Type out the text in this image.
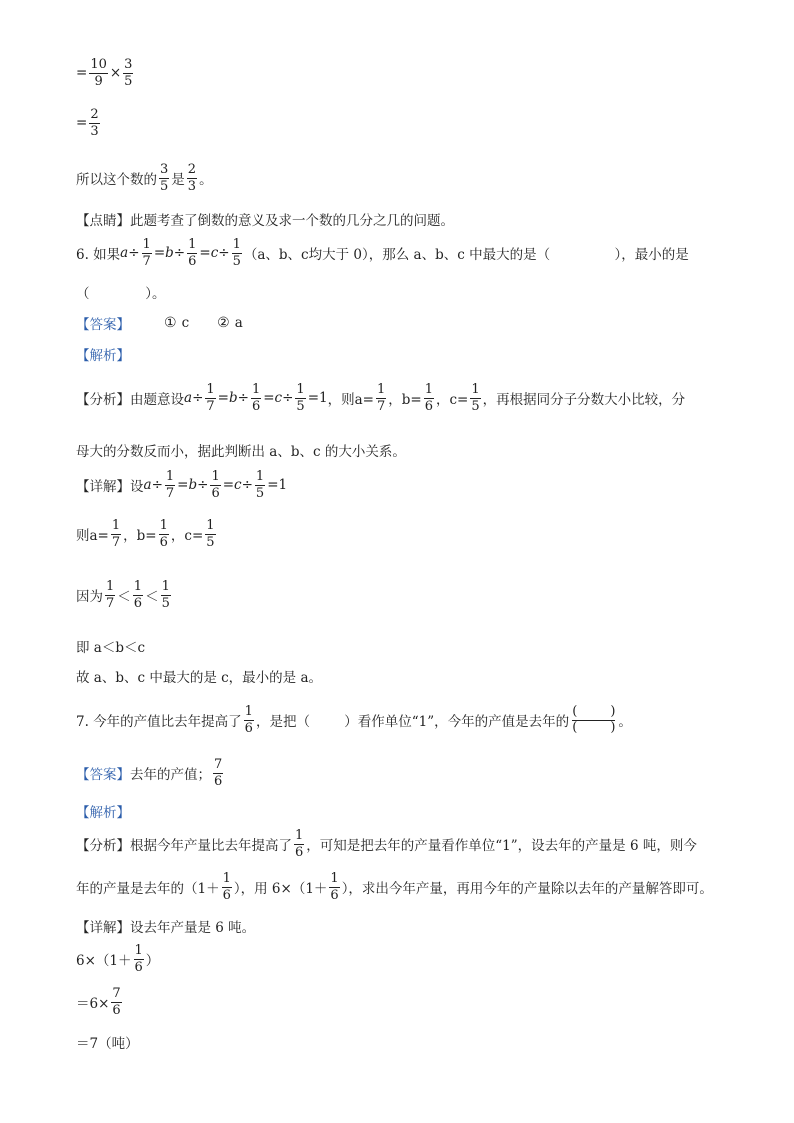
= $\frac{10}{9} \times \frac{3}{5}$
= $\frac{2}{3}$
所以这个数的 $\frac{3}{5}$ 是 $\frac{2}{3}$ 。
【点睛】 此题考查了倒数的意义及求一个数的几分之几的问题。
6. 如果 $a \div \frac{1}{7} = b \div \frac{1}{6} = c \div \frac{1}{5} (a$、b、c均大于 0），那么 a、b、c 中最大的是（               ），最小的是
（             ）。
【答案】 ① c ② a
【解析】
【分析】 由题意设 $a \div \frac{1}{7} = b \div \frac{1}{6} = c \div \frac{1}{5} = 1$ ，则$a= \frac{1}{7}$ ，$b= \frac{1}{6}$ ，$c= \frac{1}{5}$ ，再根据同分子分数大小比较，分
母大的分数反而小，据此判断出 a、b、c 的大小关系。
【详解】 设 $a \div \frac{1}{7} = b \div \frac{1}{6} = c \div \frac{1}{5} = 1$
则$a= \frac{1}{7}$ ，$b= \frac{1}{6}$ ，$c= \frac{1}{5}$
因为 $\frac{1}{7} < \frac{1}{6} < \frac{1}{5}$
即 a＜b＜c
故 a、b、c 中最大的是 c，最小的是 a。
7. 今年的产值比去年提高了 $\frac{1}{6}$ ，是把（        ）看作单位“1”，今年的产值是去年的 $\frac{( )}{( )}$ 。
【答案】 去年的产值； $\frac{7}{6}$
【解析】
【分析】 根据今年产量比去年提高了 $\frac{1}{6}$ ，可知是把去年的产量看作单位“1”，设去年的产量是 6 吨，则今
年的产量是去年的（$1+ \frac{1}{6}$ ），用 $6\times(1+ \frac{1}{6}$ ），求出今年产量，再用今年的产量除以去年的产量解答即可。
【详解】 设去年产量是 6 吨。
$6\times(1+ \frac{1}{6}$ ）
$=6\times \frac{7}{6}$
＝7（吨）
